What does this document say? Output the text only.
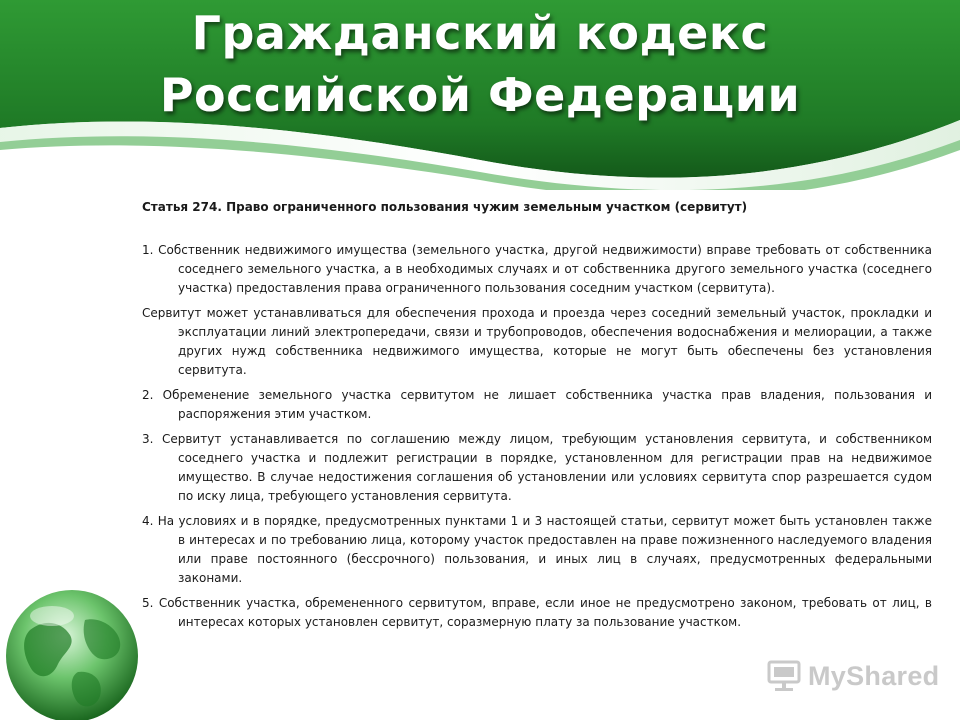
Гражданский кодекс
Российской Федерации

Статья 274. Право ограниченного пользования чужим земельным участком (сервитут)

1. Собственник недвижимого имущества (земельного участка, другой недвижимости) вправе требовать от собственника соседнего земельного участка, а в необходимых случаях и от собственника другого земельного участка (соседнего участка) предоставления права ограниченного пользования соседним участком (сервитута).

Сервитут может устанавливаться для обеспечения прохода и проезда через соседний земельный участок, прокладки и эксплуатации линий электропередачи, связи и трубопроводов, обеспечения водоснабжения и мелиорации, а также других нужд собственника недвижимого имущества, которые не могут быть обеспечены без установления сервитута.

2. Обременение земельного участка сервитутом не лишает собственника участка прав владения, пользования и распоряжения этим участком.

3. Сервитут устанавливается по соглашению между лицом, требующим установления сервитута, и собственником соседнего участка и подлежит регистрации в порядке, установленном для регистрации прав на недвижимое имущество. В случае недостижения соглашения об установлении или условиях сервитута спор разрешается судом по иску лица, требующего установления сервитута.

4. На условиях и в порядке, предусмотренных пунктами 1 и 3 настоящей статьи, сервитут может быть установлен также в интересах и по требованию лица, которому участок предоставлен на праве пожизненного наследуемого владения или праве постоянного (бессрочного) пользования, и иных лиц в случаях, предусмотренных федеральными законами.

5. Собственник участка, обремененного сервитутом, вправе, если иное не предусмотрено законом, требовать от лиц, в интересах которых установлен сервитут, соразмерную плату за пользование участком.

MyShared
